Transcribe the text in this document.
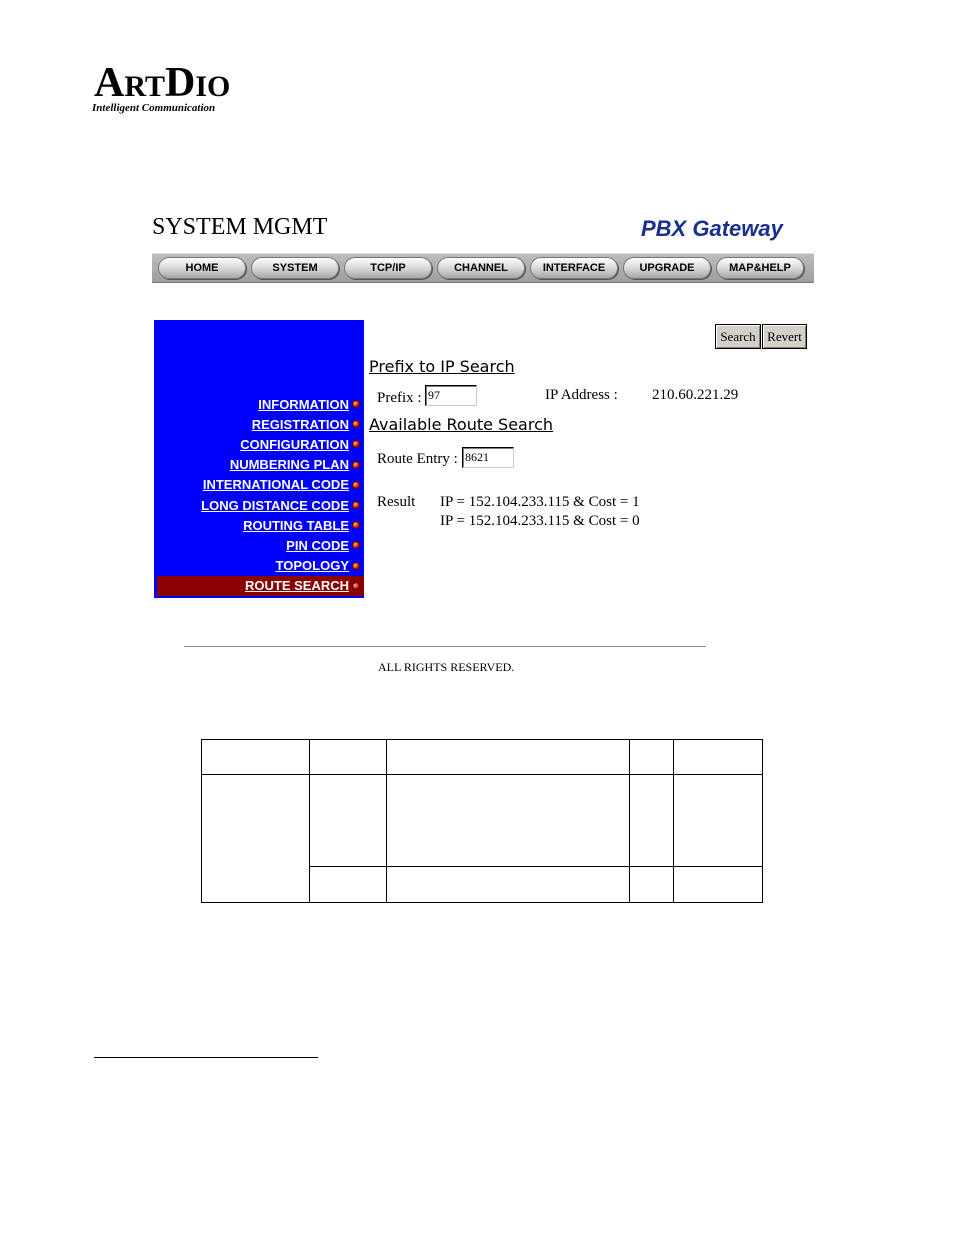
ARTDIO
Intelligent Communication
SYSTEM MGMT	PBX Gateway
HOME	SYSTEM	TCP/IP	CHANNEL	INTERFACE	UPGRADE	MAP&HELP
INFORMATION
REGISTRATION
CONFIGURATION
NUMBERING PLAN
INTERNATIONAL CODE
LONG DISTANCE CODE
ROUTING TABLE
PIN CODE
TOPOLOGY
ROUTE SEARCH
Search Revert
Prefix to IP Search
Prefix : 97	IP Address : 210.60.221.29
Available Route Search
Route Entry : 8621
Result IP = 152.104.233.115 & Cost = 1
IP = 152.104.233.115 & Cost = 0
ALL RIGHTS RESERVED.
